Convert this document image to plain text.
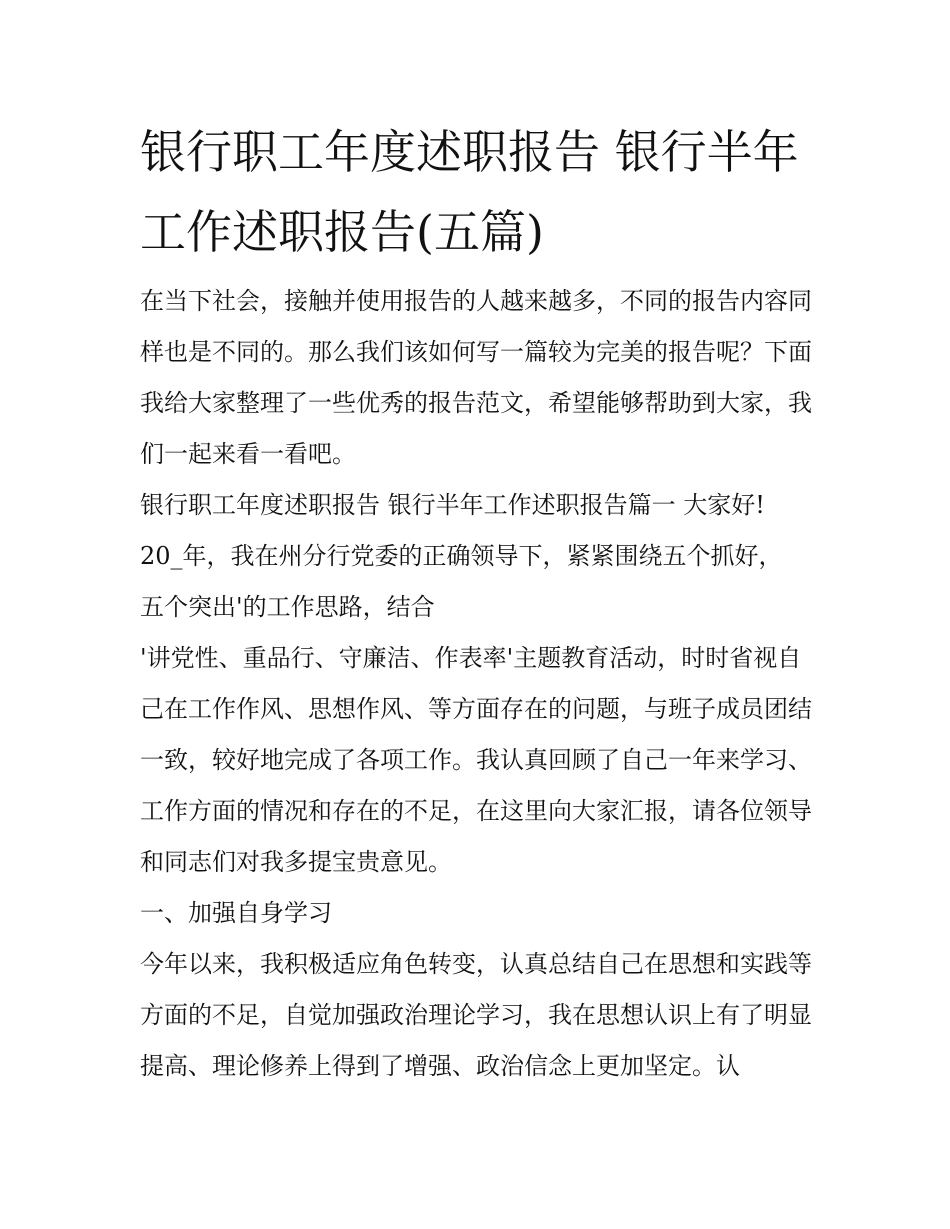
银行职工年度述职报告 银行半年工作述职报告(五篇)

在当下社会，接触并使用报告的人越来越多，不同的报告内容同样也是不同的。那么我们该如何写一篇较为完美的报告呢？下面我给大家整理了一些优秀的报告范文，希望能够帮助到大家，我们一起来看一看吧。

银行职工年度述职报告 银行半年工作述职报告篇一 大家好!

20_年，我在州分行党委的正确领导下，紧紧围绕五个抓好，

五个突出'的工作思路，结合

'讲党性、重品行、守廉洁、作表率'主题教育活动，时时省视自己在工作作风、思想作风、等方面存在的问题，与班子成员团结一致，较好地完成了各项工作。我认真回顾了自己一年来学习、工作方面的情况和存在的不足，在这里向大家汇报，请各位领导和同志们对我多提宝贵意见。

一、加强自身学习

今年以来，我积极适应角色转变，认真总结自己在思想和实践等方面的不足，自觉加强政治理论学习，我在思想认识上有了明显提高、理论修养上得到了增强、政治信念上更加坚定。认
